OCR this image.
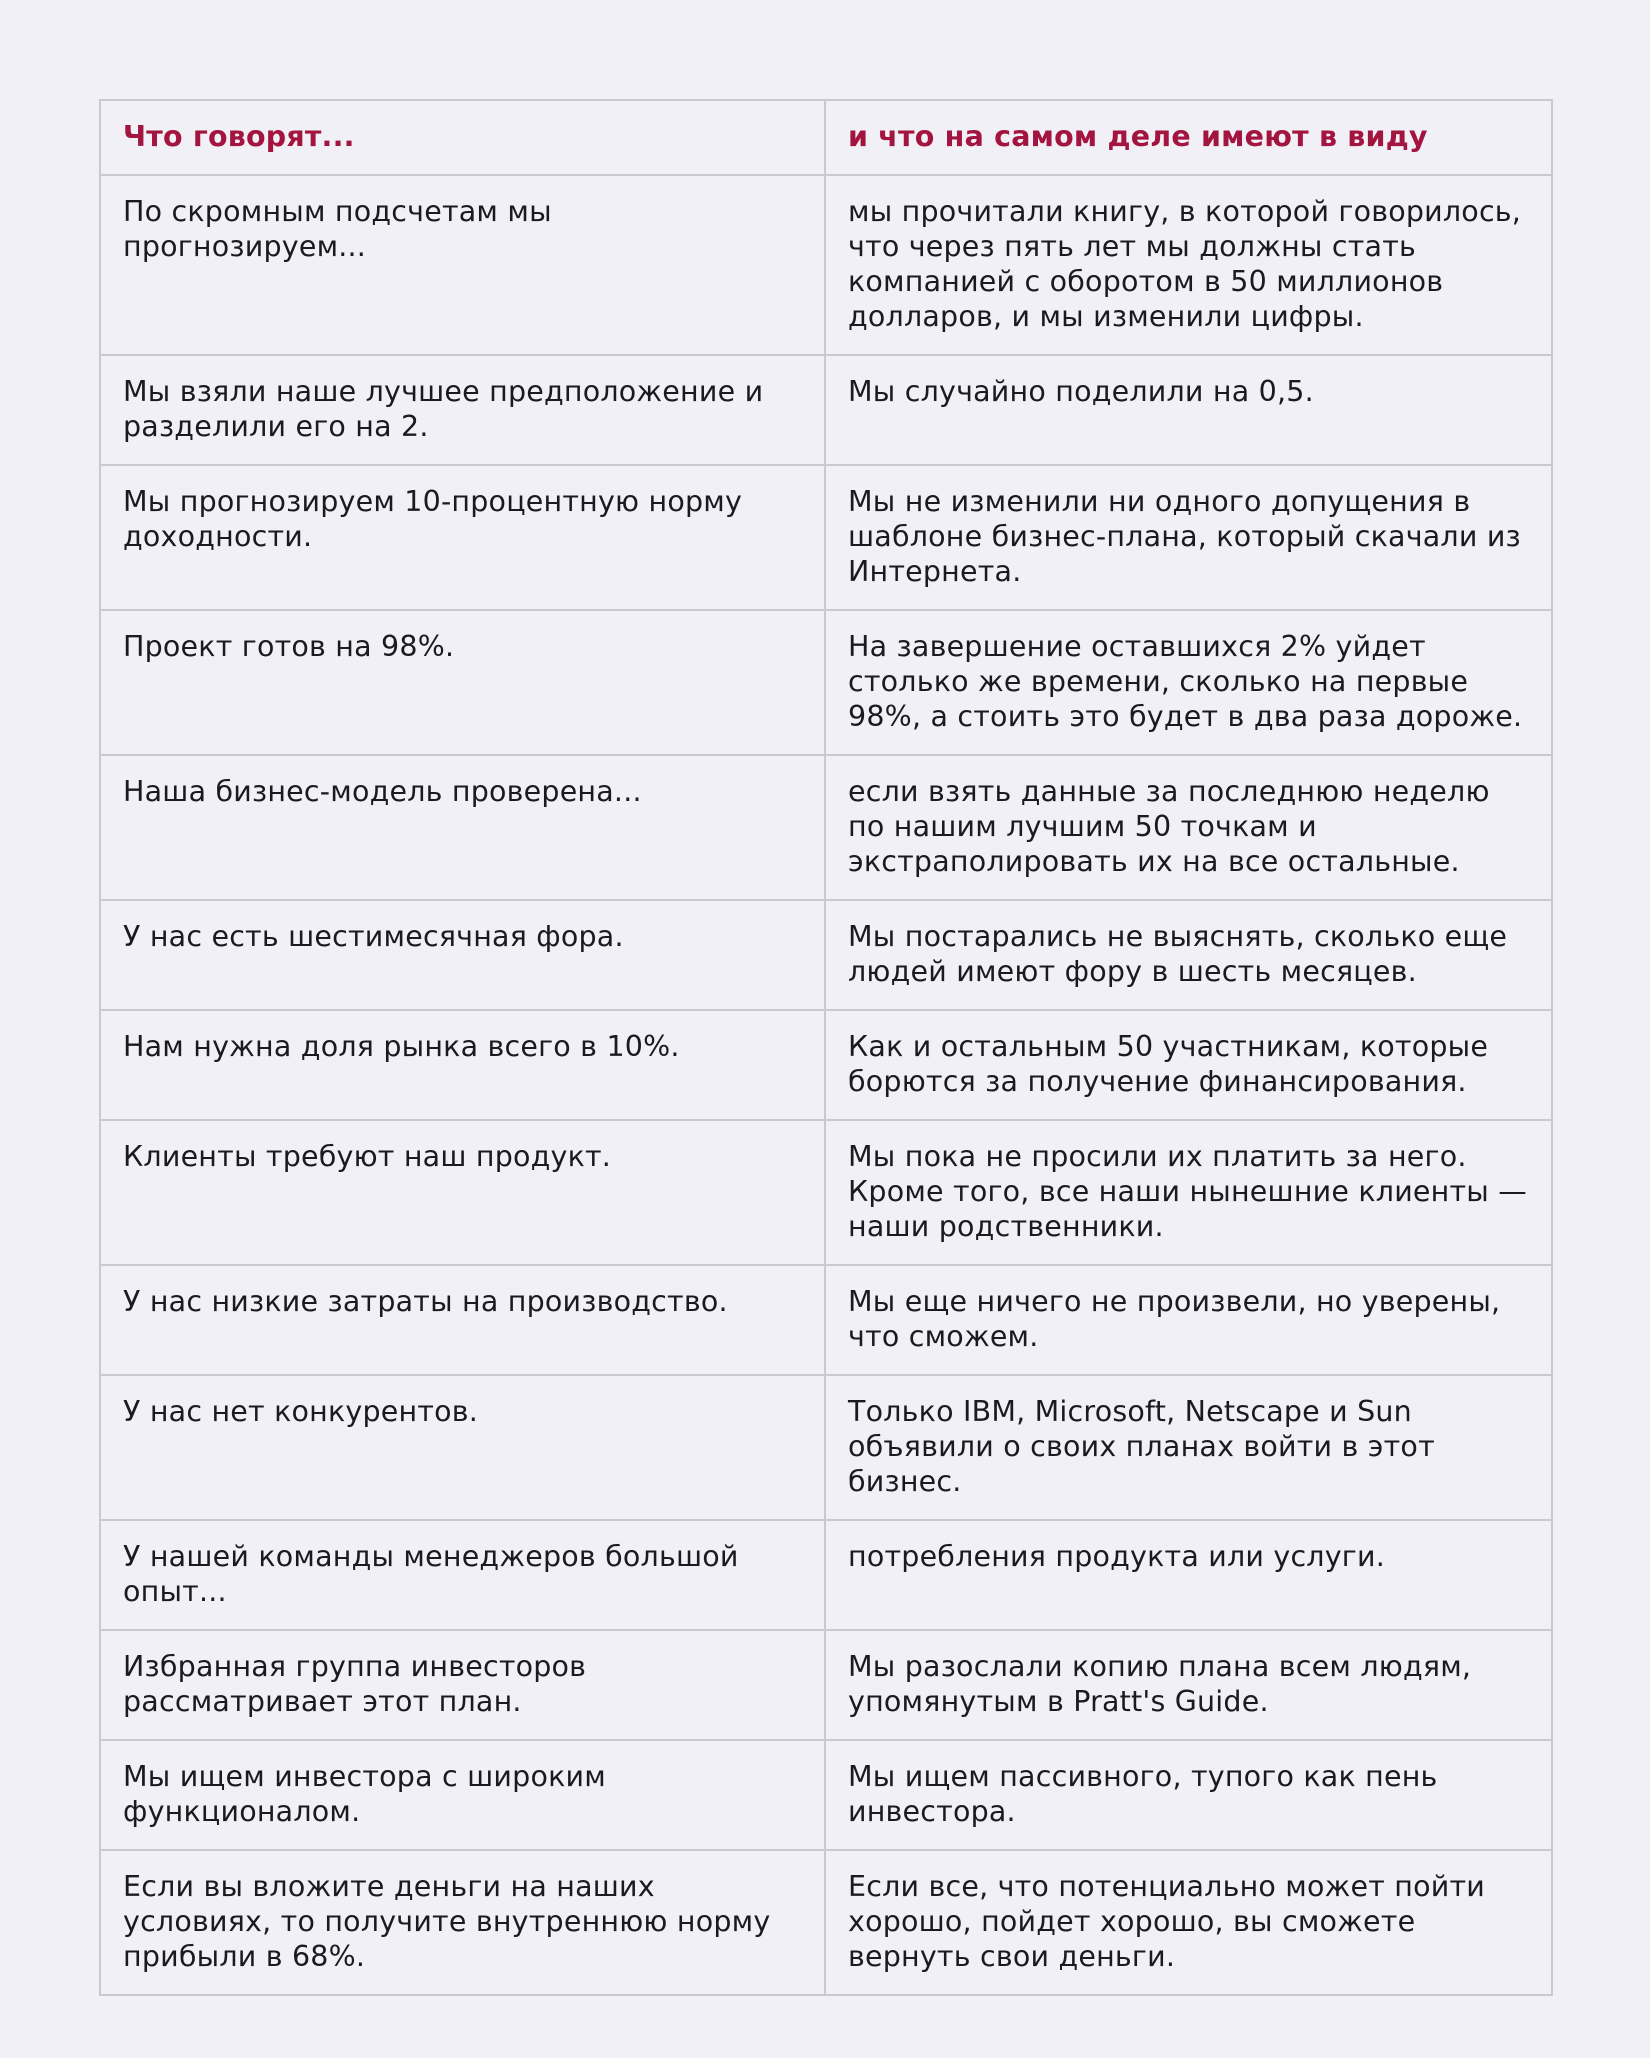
Что говорят...	и что на самом деле имеют в виду
По скромным подсчетам мы прогнозируем...	мы прочитали книгу, в которой говорилось, что через пять лет мы должны стать компанией с оборотом в 50 миллионов долларов, и мы изменили цифры.
Мы взяли наше лучшее предположение и разделили его на 2.	Мы случайно поделили на 0,5.
Мы прогнозируем 10-процентную норму доходности.	Мы не изменили ни одного допущения в шаблоне бизнес-плана, который скачали из Интернета.
Проект готов на 98%.	На завершение оставшихся 2% уйдет столько же времени, сколько на первые 98%, а стоить это будет в два раза дороже.
Наша бизнес-модель проверена...	если взять данные за последнюю неделю по нашим лучшим 50 точкам и экстраполировать их на все остальные.
У нас есть шестимесячная фора.	Мы постарались не выяснять, сколько еще людей имеют фору в шесть месяцев.
Нам нужна доля рынка всего в 10%.	Как и остальным 50 участникам, которые борются за получение финансирования.
Клиенты требуют наш продукт.	Мы пока не просили их платить за него. Кроме того, все наши нынешние клиенты — наши родственники.
У нас низкие затраты на производство.	Мы еще ничего не произвели, но уверены, что сможем.
У нас нет конкурентов.	Только IBM, Microsoft, Netscape и Sun объявили о своих планах войти в этот бизнес.
У нашей команды менеджеров большой опыт...	потребления продукта или услуги.
Избранная группа инвесторов рассматривает этот план.	Мы разослали копию плана всем людям, упомянутым в Pratt's Guide.
Мы ищем инвестора с широким функционалом.	Мы ищем пассивного, тупого как пень инвестора.
Если вы вложите деньги на наших условиях, то получите внутреннюю норму прибыли в 68%.	Если все, что потенциально может пойти хорошо, пойдет хорошо, вы сможете вернуть свои деньги.
